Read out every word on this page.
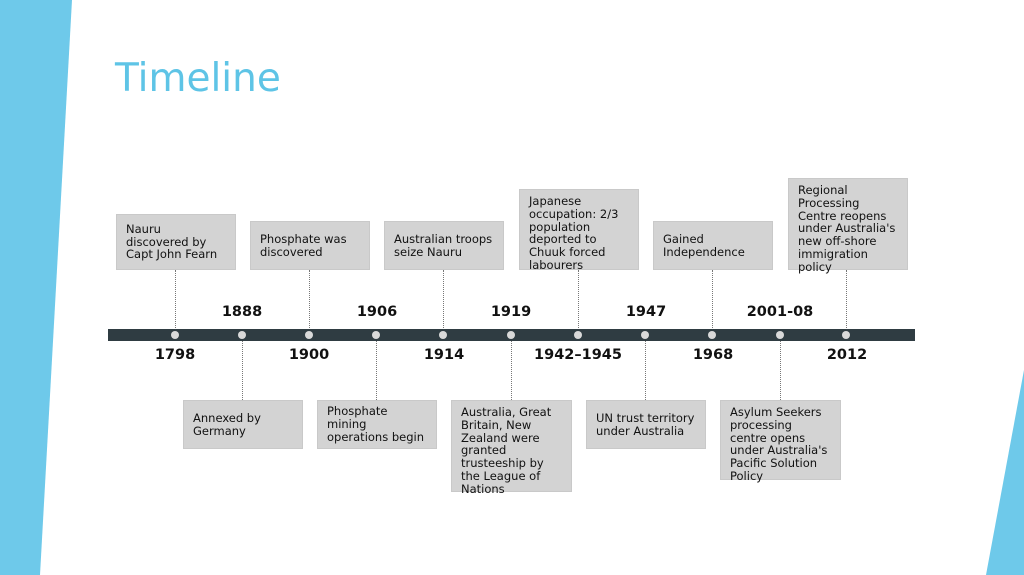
Timeline
1888	1906	1919	1947	2001-08
1798	1900	1914	1942–1945	1968	2012
Nauru discovered by Capt John Fearn
Phosphate was discovered
Australian troops seize Nauru
Japanese occupation: 2/3 population deported to Chuuk forced labourers
Gained Independence
Regional Processing Centre reopens under Australia's new off-shore immigration policy
Annexed by Germany
Phosphate mining operations begin
Australia, Great Britain, New Zealand were granted trusteeship by the League of Nations
UN trust territory under Australia
Asylum Seekers processing centre opens under Australia's Pacific Solution Policy
